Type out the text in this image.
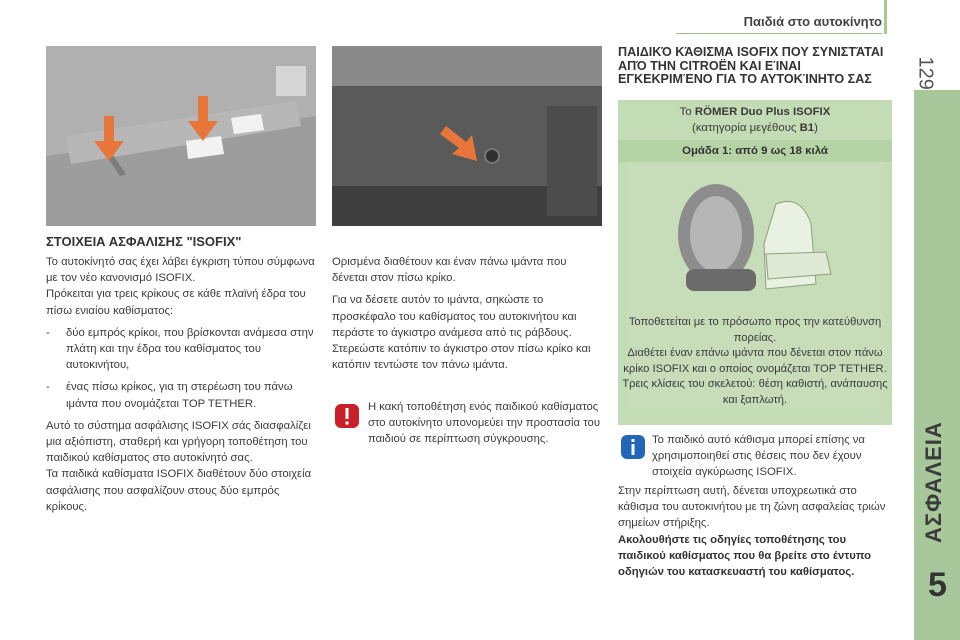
Παιδιά στο αυτοκίνητο
129
ΑΣΦΑΛΕΙΑ
5
ΣΤΟΙΧΕΙΑ ΑΣΦΑΛΙΣΗΣ "ISOFIX"

Το αυτοκίνητό σας έχει λάβει έγκριση τύπου σύμφωνα με τον νέο κανονισμό ISOFIX.

Πρόκειται για τρεις κρίκους σε κάθε πλαϊνή έδρα του πίσω ενιαίου καθίσματος:

- δύο εμπρός κρίκοι, που βρίσκονται ανάμεσα στην πλάτη και την έδρα του καθίσματος του αυτοκινήτου,
- ένας πίσω κρίκος, για τη στερέωση του πάνω ιμάντα που ονομάζεται TOP TETHER.

Αυτό το σύστημα ασφάλισης ISOFIX σάς διασφαλίζει μια αξιόπιστη, σταθερή και γρήγορη τοποθέτηση του παιδικού καθίσματος στο αυτοκίνητό σας.

Τα παιδικά καθίσματα ISOFIX διαθέτουν δύο στοιχεία ασφάλισης που ασφαλίζουν στους δύο εμπρός κρίκους.

Ορισμένα διαθέτουν και έναν πάνω ιμάντα που δένεται στον πίσω κρίκο.

Για να δέσετε αυτόν το ιμάντα, σηκώστε το προσκέφαλο του καθίσματος του αυτοκινήτου και περάστε το άγκιστρο ανάμεσα από τις ράβδους. Στερεώστε κατόπιν το άγκιστρο στον πίσω κρίκο και κατόπιν τεντώστε τον πάνω ιμάντα.

Η κακή τοποθέτηση ενός παιδικού καθίσματος στο αυτοκίνητο υπονομεύει την προστασία του παιδιού σε περίπτωση σύγκρουσης.
ΠΑΙΔΙΚΌ ΚΆΘΙΣΜΑ ISOFIX ΠΟΥ ΣΥΝΙΣΤΆΤΑΙ ΑΠΌ ΤΗΝ CITROËN ΚΑΙ ΕΊΝΑΙ ΕΓΚΕΚΡΙΜΈΝΟ ΓΙΑ ΤΟ ΑΥΤΟΚΊΝΗΤΟ ΣΑΣ
Το RÖMER Duo Plus ISOFIX
(κατηγορία μεγέθους B1)
Ομάδα 1: από 9 ως 18 κιλά
Τοποθετείται με το πρόσωπο προς την κατεύθυνση πορείας.
Διαθέτει έναν επάνω ιμάντα που δένεται στον πάνω κρίκο ISOFIX και ο οποίος ονομάζεται TOP TETHER.
Τρεις κλίσεις του σκελετού: θέση καθιστή, ανάπαυσης και ξαπλωτή.
Το παιδικό αυτό κάθισμα μπορεί επίσης να χρησιμοποιηθεί στις θέσεις που δεν έχουν στοιχεία αγκύρωσης ISOFIX.

Στην περίπτωση αυτή, δένεται υποχρεωτικά στο κάθισμα του αυτοκινήτου με τη ζώνη ασφαλείας τριών σημείων στήριξης.

Ακολουθήστε τις οδηγίες τοποθέτησης του παιδικού καθίσματος που θα βρείτε στο έντυπο οδηγιών του κατασκευαστή του καθίσματος.
